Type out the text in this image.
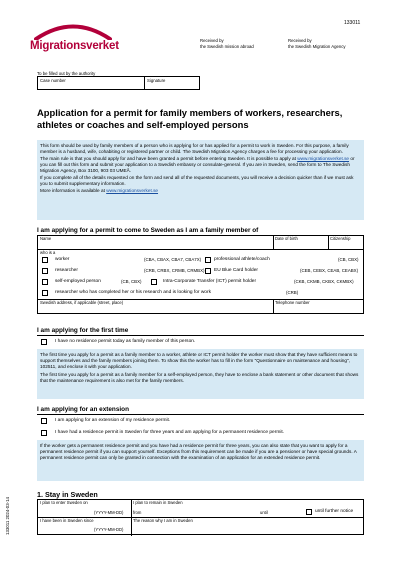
Migrationsverket
133011
Received by
the Swedish mission abroad
Received by
the Swedish Migration Agency
To be filled out by the authority
Case number	Signature
Application for a permit for family members of workers, researchers, athletes or coaches and self-employed persons

This form should be used by family members of a person who is applying for or has applied for a permit to work in Sweden. For this purpose, a family member is a husband, wife, cohabiting or registered partner or child. The Swedish Migration Agency charges a fee for processing your application.

The main rule is that you should apply for and have been granted a permit before entering Sweden. It is possible to apply at www.migrationsverket.se or you can fill out this form and submit your application to a Swedish embassy or consulate-general. If you are in Sweden, send the form to The Swedish Migration Agency, Box 3100, 903 03 UMEÅ.

If you complete all of the details requested on the form and send all of the requested documents, you will receive a decision quicker than if we must ask you to submit supplementary information.

More information is available at www.migrationsverket.se

I am applying for a permit to come to Sweden as I am a family member of
Name	Date of birth	Citizenship
who is a
worker	(CBA, CBAX, CBA7, CBA7X)	professional athlete/coach	(CB, CBX)
researcher	(CRB, CRBX, CRMB, CRMBX) EU Blue Card holder	(CEB, CEBX, CEAB, CEABX)
self-employed person	(CB, CBX)	Intra-Corporate Transfer (ICT) permit holder	(CKB, CKMB, CKBX, CKMBX)
researcher who has completed her or his research and is looking for work	(CRB)
Swedish address, if applicable (street, place)	Telephone number
I am applying for the first time
I have no residence permit today as family member of this person.

The first time you apply for a permit as a family member to a worker, athlete or ICT permit holder the worker must show that they have sufficient means to support themselves and the family members joining them. To show this the worker has to fill in the form "Questionnaire on maintenance and housing", 102511, and enclose it with your application.

The first time you apply for a permit as a family member for a self-employed person, they have to enclose a bank statement or other document that shows that the maintenance requirement is also met for the family members.

I am applying for an extension
I am applying for an extension of my residence permit.
I have had a residence permit in Sweden for three years and am applying for a permanent residence permit.

If the worker gets a permanent residence permit and you have had a residence permit for three years, you can also state that you want to apply for a permanent residence permit if you can support yourself. Exceptions from this requirement can be made if you are a pensioner or have special grounds. A permanent residence permit can only be granted in connection with the examination of an application for an extended residence permit.

1. Stay in Sweden
I plan to enter Sweden on
(YYYY-MM-DD)
I plan to remain in Sweden
from	until	until further notice
I have been in Sweden since
(YYYY-MM-DD)
The reason why I am in Sweden
133011 2024-03-14
